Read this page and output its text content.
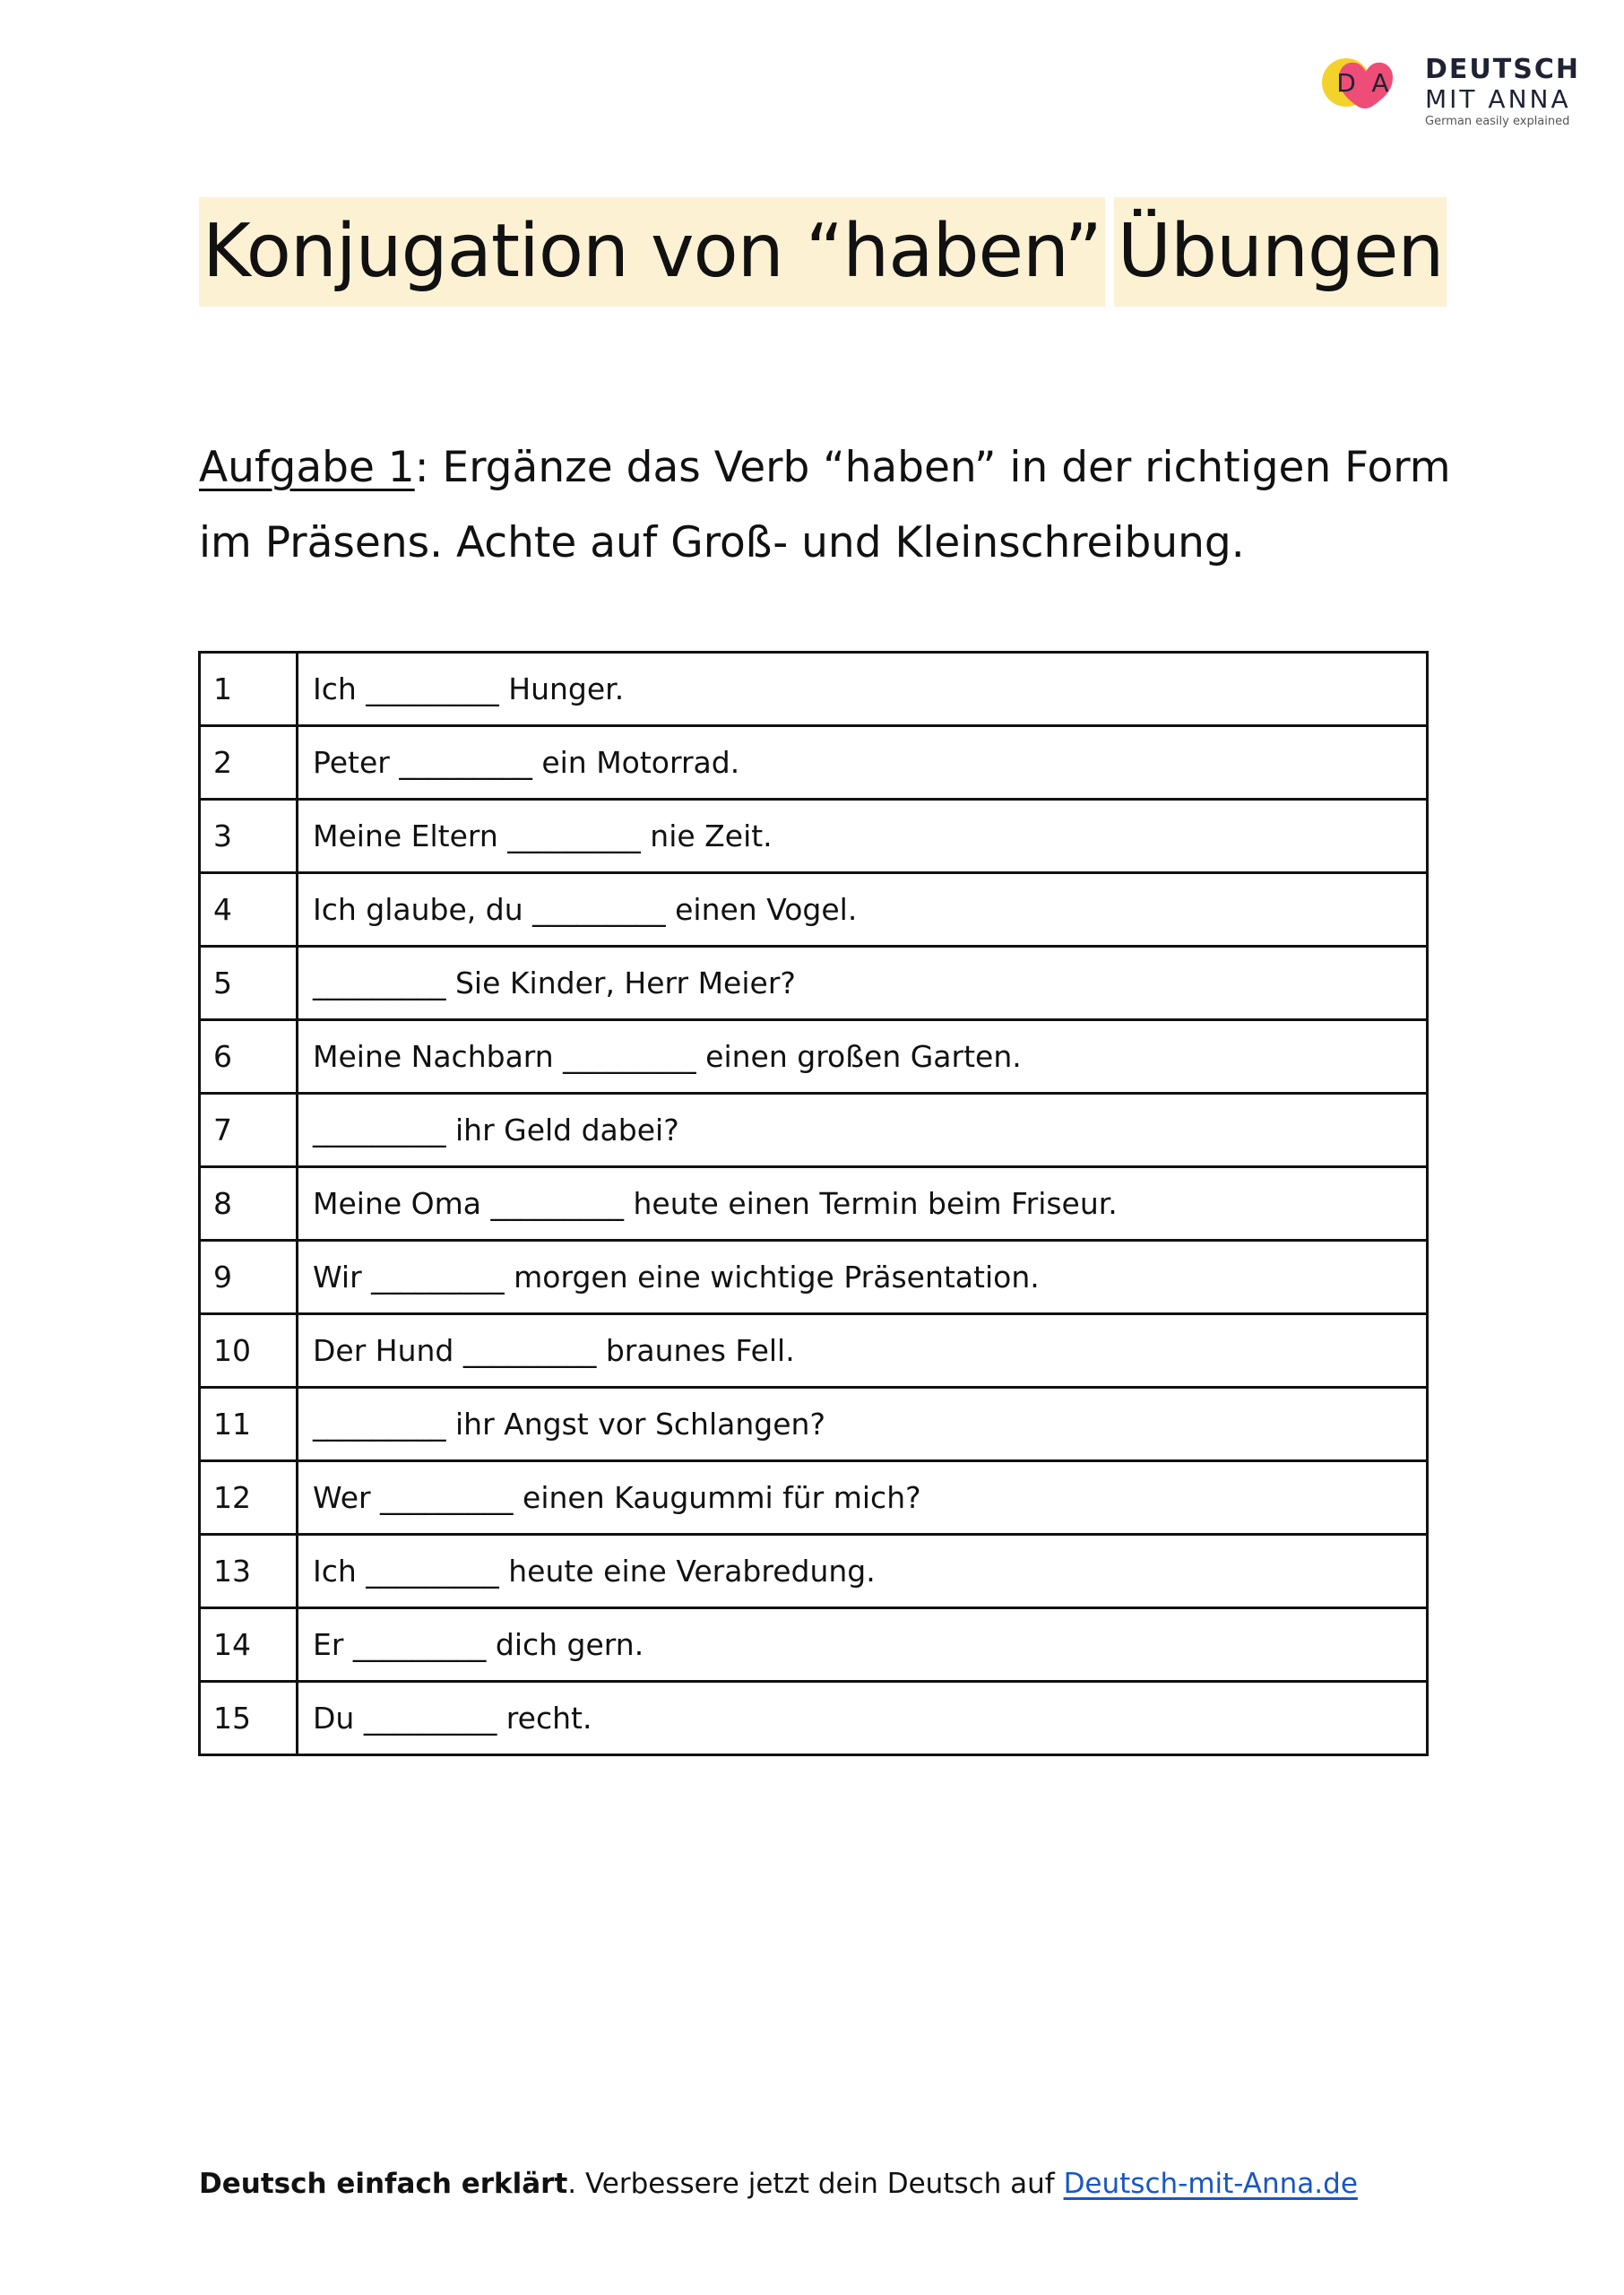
D A DEUTSCH
MIT ANNA
German easily explained
Konjugation von “haben” Übungen
Aufgabe 1: Ergänze das Verb “haben” in der richtigen Form im Präsens. Achte auf Groß- und Kleinschreibung.
1	Ich _________ Hunger.
2	Peter _________ ein Motorrad.
3	Meine Eltern _________ nie Zeit.
4	Ich glaube, du _________ einen Vogel.
5	_________ Sie Kinder, Herr Meier?
6	Meine Nachbarn _________ einen großen Garten.
7	_________ ihr Geld dabei?
8	Meine Oma _________ heute einen Termin beim Friseur.
9	Wir _________ morgen eine wichtige Präsentation.
10	Der Hund _________ braunes Fell.
11	_________ ihr Angst vor Schlangen?
12	Wer _________ einen Kaugummi für mich?
13	Ich _________ heute eine Verabredung.
14	Er _________ dich gern.
15	Du _________ recht.
Deutsch einfach erklärt. Verbessere jetzt dein Deutsch auf Deutsch-mit-Anna.de
